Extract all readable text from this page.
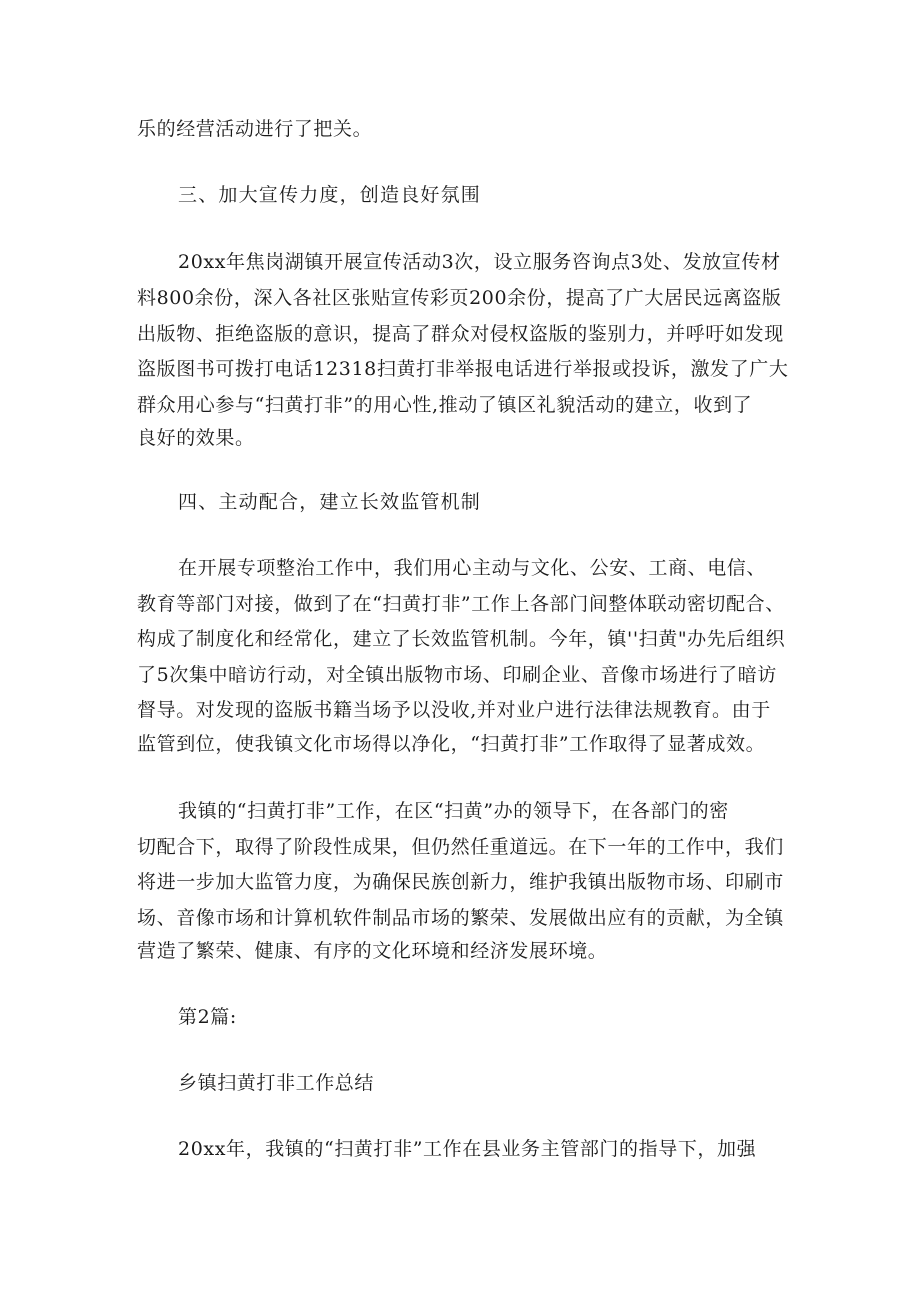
乐的经营活动进行了把关。
三、加大宣传力度，创造良好氛围
20xx年焦岗湖镇开展宣传活动3次，设立服务咨询点3处、发放宣传材
料800余份，深入各社区张贴宣传彩页200余份，提高了广大居民远离盗版
出版物、拒绝盗版的意识，提高了群众对侵权盗版的鉴别力，并呼吁如发现
盗版图书可拨打电话12318扫黄打非举报电话进行举报或投诉，激发了广大
群众用心参与“扫黄打非”的用心性,推动了镇区礼貌活动的建立，收到了
良好的效果。
四、主动配合，建立长效监管机制
在开展专项整治工作中，我们用心主动与文化、公安、工商、电信、
教育等部门对接，做到了在“扫黄打非”工作上各部门间整体联动密切配合、
构成了制度化和经常化，建立了长效监管机制。今年，镇''扫黄"办先后组织
了5次集中暗访行动，对全镇出版物市场、印刷企业、音像市场进行了暗访
督导。对发现的盗版书籍当场予以没收,并对业户进行法律法规教育。由于
监管到位，使我镇文化市场得以净化，“扫黄打非”工作取得了显著成效。
我镇的“扫黄打非”工作，在区“扫黄”办的领导下，在各部门的密
切配合下，取得了阶段性成果，但仍然任重道远。在下一年的工作中，我们
将进一步加大监管力度，为确保民族创新力，维护我镇出版物市场、印刷市
场、音像市场和计算机软件制品市场的繁荣、发展做出应有的贡献，为全镇
营造了繁荣、健康、有序的文化环境和经济发展环境。
第2篇:
乡镇扫黄打非工作总结
20xx年，我镇的“扫黄打非”工作在县业务主管部门的指导下，加强
